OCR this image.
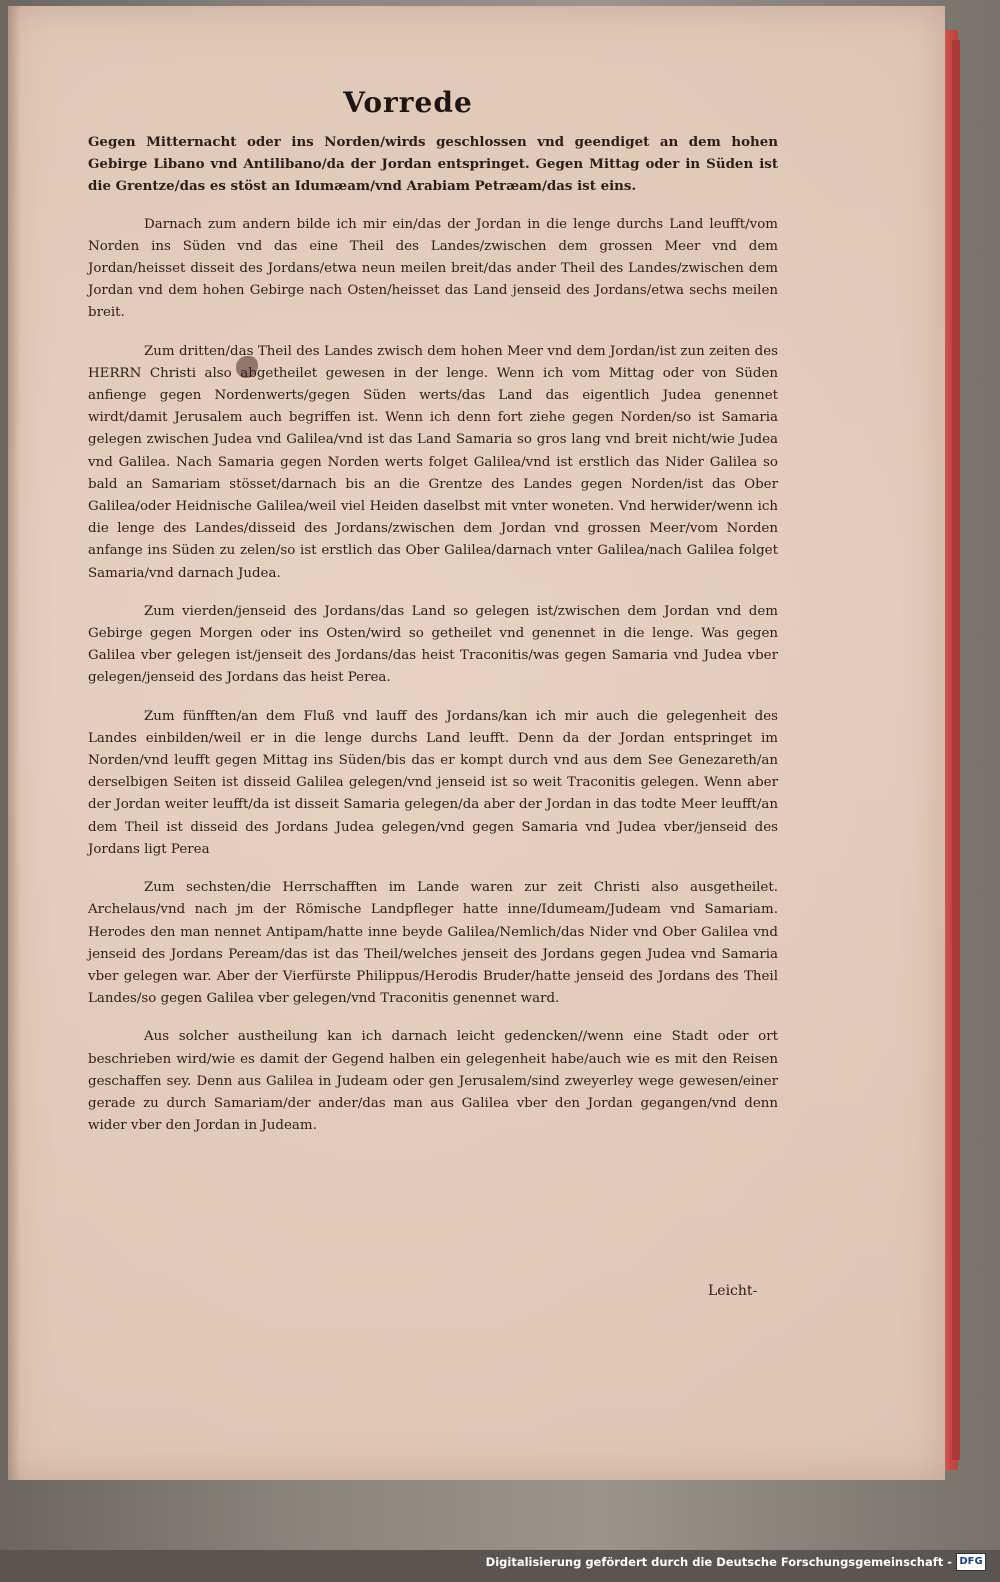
Vorrede

Gegen Mitternacht oder ins Norden/wirds geschlossen vnd geendiget an dem hohen Gebirge Libano vnd Antilibano/da der Jordan entspringet. Gegen Mittag oder in Süden ist die Grentze/das es stöst an Idumæam/vnd Arabiam Petræam/das ist eins.

Darnach zum andern bilde ich mir ein/das der Jordan in die lenge durchs Land leufft/vom Norden ins Süden vnd das eine Theil des Landes/zwischen dem grossen Meer vnd dem Jordan/heisset disseit des Jordans/etwa neun meilen breit/das ander Theil des Landes/zwischen dem Jordan vnd dem hohen Gebirge nach Osten/heisset das Land jenseid des Jordans/etwa sechs meilen breit.

Zum dritten/das Theil des Landes zwisch dem hohen Meer vnd dem Jordan/ist zun zeiten des HERRN Christi also abgetheilet gewesen in der lenge. Wenn ich vom Mittag oder von Süden anfienge gegen Nordenwerts/gegen Süden werts/das Land das eigentlich Judea genennet wirdt/damit Jerusalem auch begriffen ist. Wenn ich denn fort ziehe gegen Norden/so ist Samaria gelegen zwischen Judea vnd Galilea/vnd ist das Land Samaria so gros lang vnd breit nicht/wie Judea vnd Galilea. Nach Samaria gegen Norden werts folget Galilea/vnd ist erstlich das Nider Galilea so bald an Samariam stösset/darnach bis an die Grentze des Landes gegen Norden/ist das Ober Galilea/oder Heidnische Galilea/weil viel Heiden daselbst mit vnter woneten. Vnd herwider/wenn ich die lenge des Landes/disseid des Jordans/zwischen dem Jordan vnd grossen Meer/vom Norden anfange ins Süden zu zelen/so ist erstlich das Ober Galilea/darnach vnter Galilea/nach Galilea folget Samaria/vnd darnach Judea.

Zum vierden/jenseid des Jordans/das Land so gelegen ist/zwischen dem Jordan vnd dem Gebirge gegen Morgen oder ins Osten/wird so getheilet vnd genennet in die lenge. Was gegen Galilea vber gelegen ist/jenseit des Jordans/das heist Traconitis/was gegen Samaria vnd Judea vber gelegen/jenseid des Jordans das heist Perea.

Zum fünfften/an dem Fluß vnd lauff des Jordans/kan ich mir auch die gelegenheit des Landes einbilden/weil er in die lenge durchs Land leufft. Denn da der Jordan entspringet im Norden/vnd leufft gegen Mittag ins Süden/bis das er kompt durch vnd aus dem See Genezareth/an derselbigen Seiten ist disseid Galilea gelegen/vnd jenseid ist so weit Traconitis gelegen. Wenn aber der Jordan weiter leufft/da ist disseit Samaria gelegen/da aber der Jordan in das todte Meer leufft/an dem Theil ist disseid des Jordans Judea gelegen/vnd gegen Samaria vnd Judea vber/jenseid des Jordans ligt Perea

Zum sechsten/die Herrschafften im Lande waren zur zeit Christi also ausgetheilet. Archelaus/vnd nach jm der Römische Landpfleger hatte inne/Idumeam/Judeam vnd Samariam. Herodes den man nennet Antipam/hatte inne beyde Galilea/Nemlich/das Nider vnd Ober Galilea vnd jenseid des Jordans Peream/das ist das Theil/welches jenseit des Jordans gegen Judea vnd Samaria vber gelegen war. Aber der Vierfürste Philippus/Herodis Bruder/hatte jenseid des Jordans des Theil Landes/so gegen Galilea vber gelegen/vnd Traconitis genennet ward.

Aus solcher austheilung kan ich darnach leicht gedencken//wenn eine Stadt oder ort beschrieben wird/wie es damit der Gegend halben ein gelegenheit habe/auch wie es mit den Reisen geschaffen sey. Denn aus Galilea in Judeam oder gen Jerusalem/sind zweyerley wege gewesen/einer gerade zu durch Samariam/der ander/das man aus Galilea vber den Jordan gegangen/vnd denn wider vber den Jordan in Judeam.

Leicht-
Digitalisierung gefördert durch die Deutsche Forschungsgemeinschaft - DFG
